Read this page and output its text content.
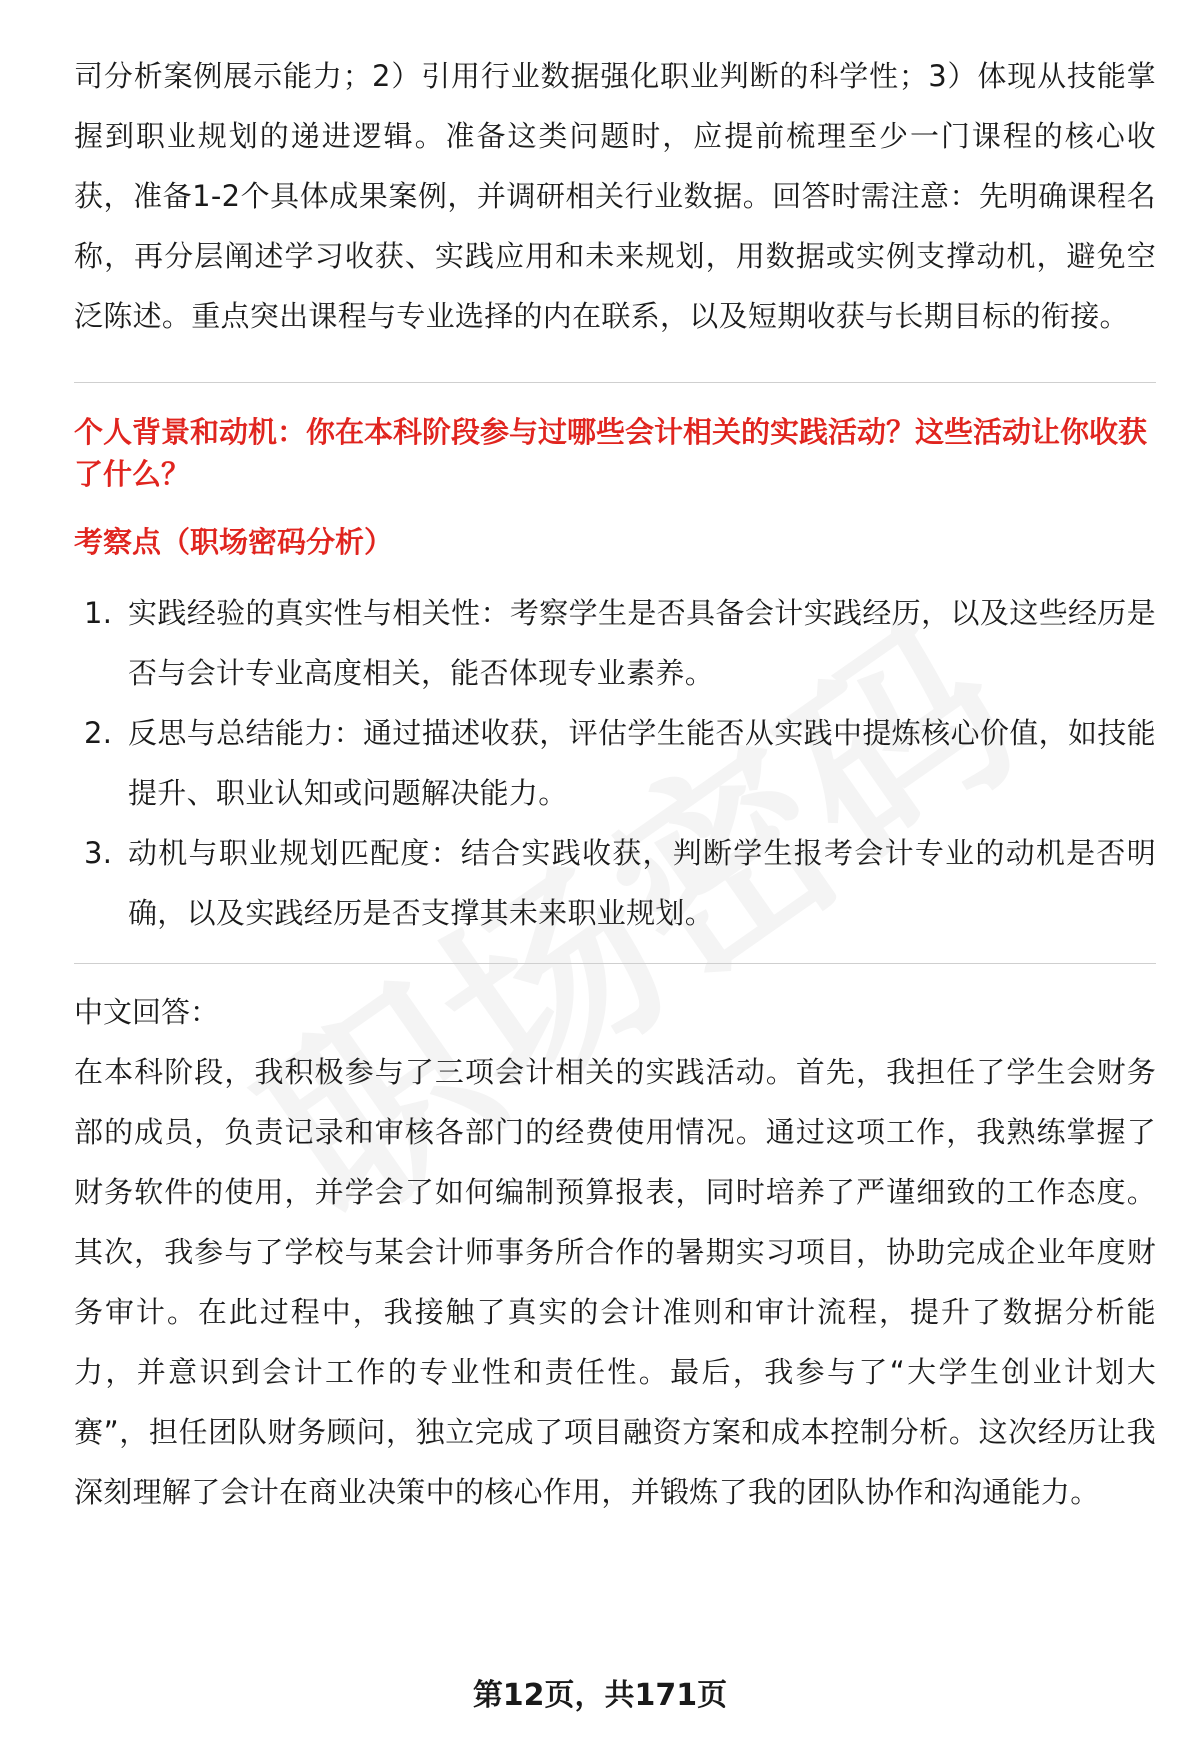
司分析案例展示能力；2）引用行业数据强化职业判断的科学性；3）体现从技能掌握到职业规划的递进逻辑。准备这类问题时，应提前梳理至少一门课程的核心收获，准备1-2个具体成果案例，并调研相关行业数据。回答时需注意：先明确课程名称，再分层阐述学习收获、实践应用和未来规划，用数据或实例支撑动机，避免空泛陈述。重点突出课程与专业选择的内在联系，以及短期收获与长期目标的衔接。

个人背景和动机：你在本科阶段参与过哪些会计相关的实践活动？这些活动让你收获了什么？

考察点（职场密码分析）

1. 实践经验的真实性与相关性：考察学生是否具备会计实践经历，以及这些经历是否与会计专业高度相关，能否体现专业素养。
2. 反思与总结能力：通过描述收获，评估学生能否从实践中提炼核心价值，如技能提升、职业认知或问题解决能力。
3. 动机与职业规划匹配度：结合实践收获，判断学生报考会计专业的动机是否明确，以及实践经历是否支撑其未来职业规划。

中文回答：

在本科阶段，我积极参与了三项会计相关的实践活动。首先，我担任了学生会财务部的成员，负责记录和审核各部门的经费使用情况。通过这项工作，我熟练掌握了财务软件的使用，并学会了如何编制预算报表，同时培养了严谨细致的工作态度。其次，我参与了学校与某会计师事务所合作的暑期实习项目，协助完成企业年度财务审计。在此过程中，我接触了真实的会计准则和审计流程，提升了数据分析能力，并意识到会计工作的专业性和责任性。最后，我参与了“大学生创业计划大赛”，担任团队财务顾问，独立完成了项目融资方案和成本控制分析。这次经历让我深刻理解了会计在商业决策中的核心作用，并锻炼了我的团队协作和沟通能力。

第12页，共171页
